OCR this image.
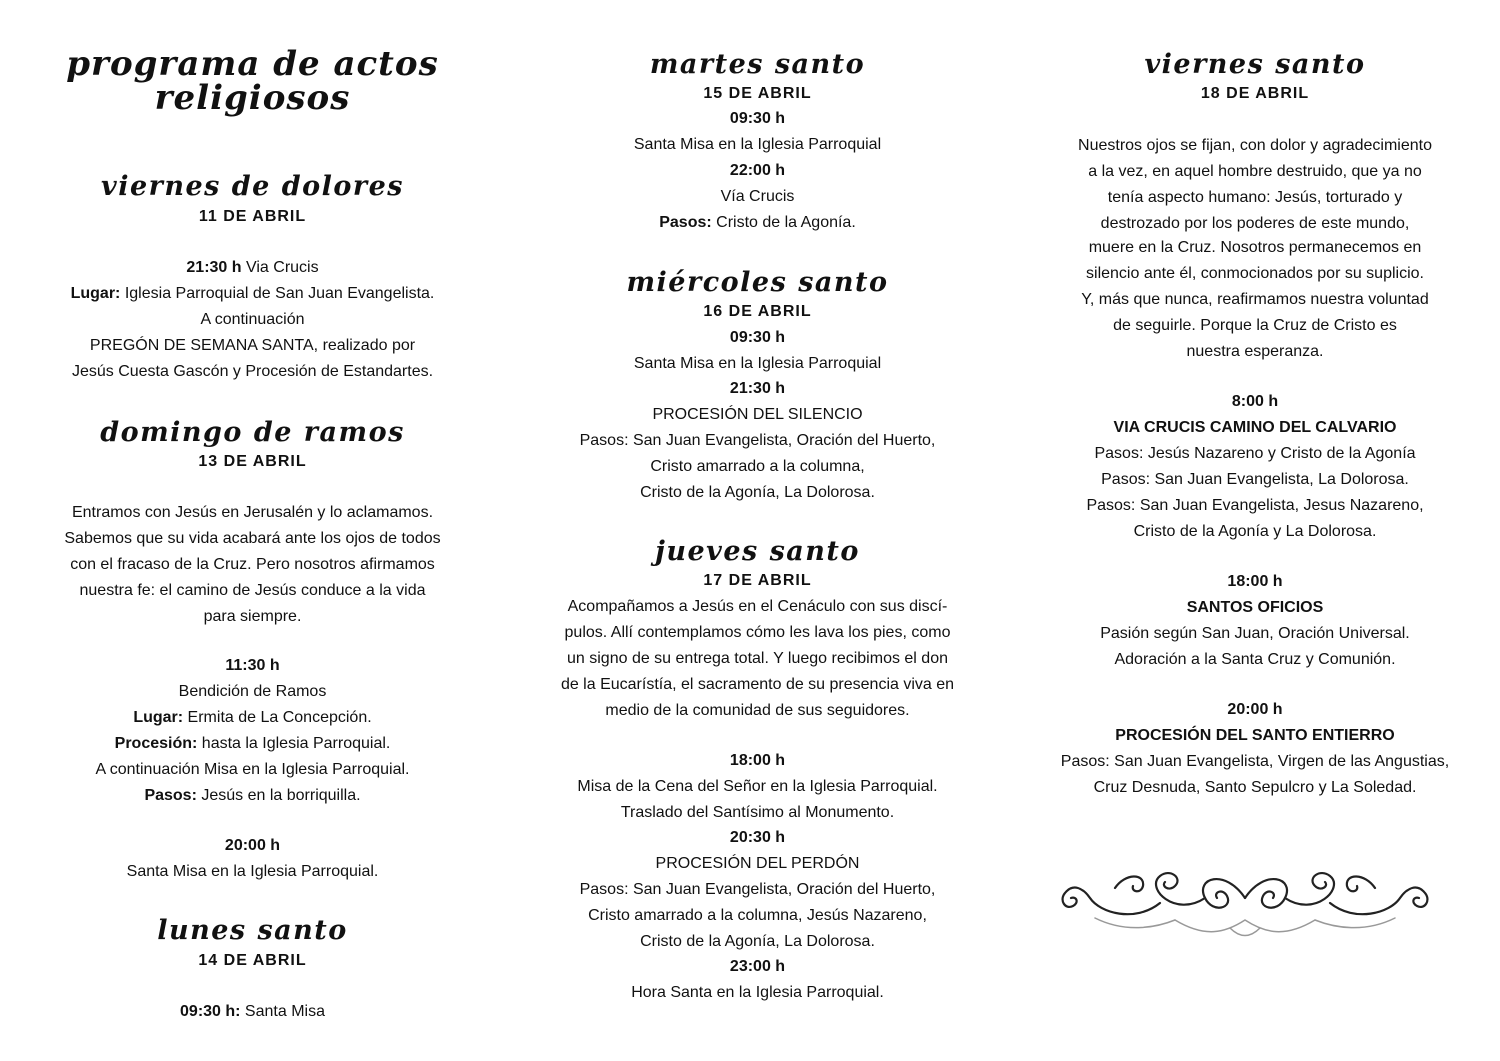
programa de actos
religiosos
viernes de dolores
11 DE ABRIL
21:30 h Via Crucis
Lugar: Iglesia Parroquial de San Juan Evangelista.
A continuación
PREGÓN DE SEMANA SANTA, realizado por
Jesús Cuesta Gascón y Procesión de Estandartes.
domingo de ramos
13 DE ABRIL
Entramos con Jesús en Jerusalén y lo aclamamos.
Sabemos que su vida acabará ante los ojos de todos
con el fracaso de la Cruz. Pero nosotros afirmamos
nuestra fe: el camino de Jesús conduce a la vida
para siempre.
11:30 h
Bendición de Ramos
Lugar: Ermita de La Concepción.
Procesión: hasta la Iglesia Parroquial.
A continuación Misa en la Iglesia Parroquial.
Pasos: Jesús en la borriquilla.
20:00 h
Santa Misa en la Iglesia Parroquial.
lunes santo
14 DE ABRIL
09:30 h: Santa Misa
martes santo
15 DE ABRIL
09:30 h
Santa Misa en la Iglesia Parroquial
22:00 h
Vía Crucis
Pasos: Cristo de la Agonía.
miércoles santo
16 DE ABRIL
09:30 h
Santa Misa en la Iglesia Parroquial
21:30 h
PROCESIÓN DEL SILENCIO
Pasos: San Juan Evangelista, Oración del Huerto,
Cristo amarrado a la columna,
Cristo de la Agonía, La Dolorosa.
jueves santo
17 DE ABRIL
Acompañamos a Jesús en el Cenáculo con sus discí-
pulos. Allí contemplamos cómo les lava los pies, como
un signo de su entrega total. Y luego recibimos el don
de la Eucarístía, el sacramento de su presencia viva en
medio de la comunidad de sus seguidores.
18:00 h
Misa de la Cena del Señor en la Iglesia Parroquial.
Traslado del Santísimo al Monumento.
20:30 h
PROCESIÓN DEL PERDÓN
Pasos: San Juan Evangelista, Oración del Huerto,
Cristo amarrado a la columna, Jesús Nazareno,
Cristo de la Agonía, La Dolorosa.
23:00 h
Hora Santa en la Iglesia Parroquial.
viernes santo
18 DE ABRIL
Nuestros ojos se fijan, con dolor y agradecimiento
a la vez, en aquel hombre destruido, que ya no
tenía aspecto humano: Jesús, torturado y
destrozado por los poderes de este mundo,
muere en la Cruz. Nosotros permanecemos en
silencio ante él, conmocionados por su suplicio.
Y, más que nunca, reafirmamos nuestra voluntad
de seguirle. Porque la Cruz de Cristo es
nuestra esperanza.
8:00 h
VIA CRUCIS CAMINO DEL CALVARIO
Pasos: Jesús Nazareno y Cristo de la Agonía
Pasos: San Juan Evangelista, La Dolorosa.
Pasos: San Juan Evangelista, Jesus Nazareno,
Cristo de la Agonía y La Dolorosa.
18:00 h
SANTOS OFICIOS
Pasión según San Juan, Oración Universal.
Adoración a la Santa Cruz y Comunión.
20:00 h
PROCESIÓN DEL SANTO ENTIERRO
Pasos: San Juan Evangelista, Virgen de las Angustias,
Cruz Desnuda, Santo Sepulcro y La Soledad.
